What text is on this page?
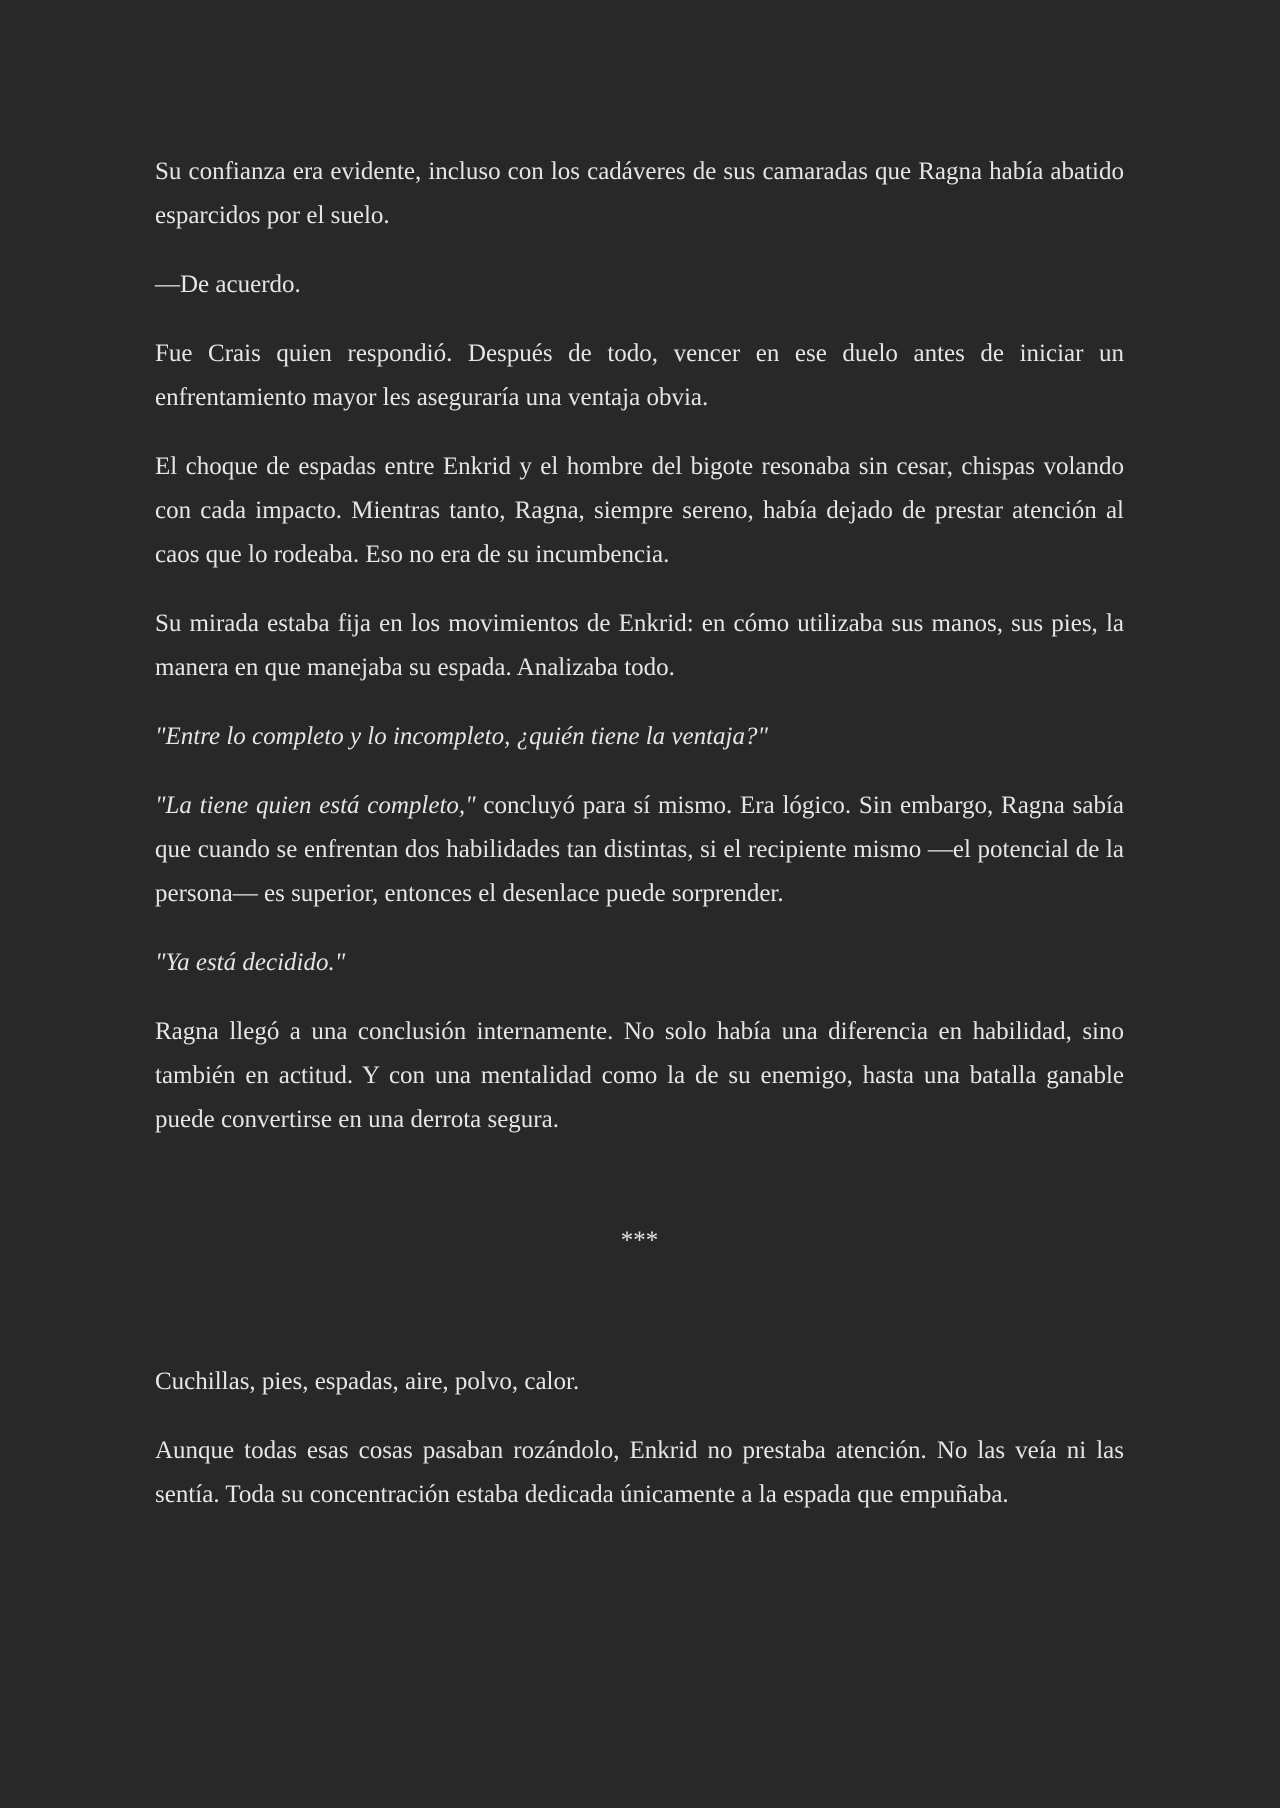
Su confianza era evidente, incluso con los cadáveres de sus camaradas que Ragna había abatido esparcidos por el suelo.

—De acuerdo.

Fue Crais quien respondió. Después de todo, vencer en ese duelo antes de iniciar un enfrentamiento mayor les aseguraría una ventaja obvia.

El choque de espadas entre Enkrid y el hombre del bigote resonaba sin cesar, chispas volando con cada impacto. Mientras tanto, Ragna, siempre sereno, había dejado de prestar atención al caos que lo rodeaba. Eso no era de su incumbencia.

Su mirada estaba fija en los movimientos de Enkrid: en cómo utilizaba sus manos, sus pies, la manera en que manejaba su espada. Analizaba todo.

"Entre lo completo y lo incompleto, ¿quién tiene la ventaja?"

"La tiene quien está completo," concluyó para sí mismo. Era lógico. Sin embargo, Ragna sabía que cuando se enfrentan dos habilidades tan distintas, si el recipiente mismo —el potencial de la persona— es superior, entonces el desenlace puede sorprender.

"Ya está decidido."

Ragna llegó a una conclusión internamente. No solo había una diferencia en habilidad, sino también en actitud. Y con una mentalidad como la de su enemigo, hasta una batalla ganable puede convertirse en una derrota segura.

***

Cuchillas, pies, espadas, aire, polvo, calor.

Aunque todas esas cosas pasaban rozándolo, Enkrid no prestaba atención. No las veía ni las sentía. Toda su concentración estaba dedicada únicamente a la espada que empuñaba.
